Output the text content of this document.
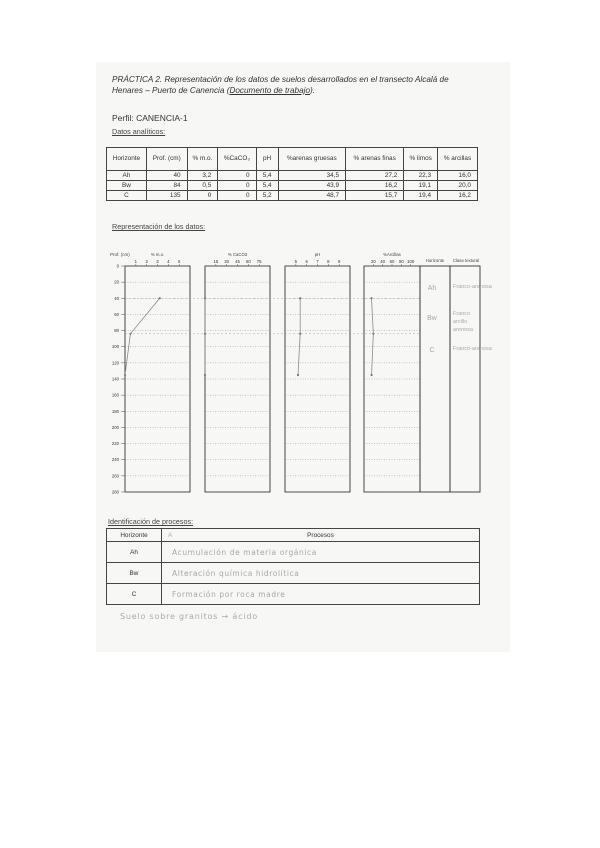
PRÁCTICA 2. Representación de los datos de suelos desarrollados en el transecto Alcalá de
Henares – Puerto de Canencia (Documento de trabajo).
Perfil: CANENCIA-1
Datos analíticos:
Horizonte	Prof. (cm)	% m.o.	%CaCO₃	pH	%arenas gruesas	% arenas finas	% limos	% arcillas
Ah	40	3,2	0	5,4	34,5	27,2	22,3	16,0
Bw	84	0,5	0	5,4	43,9	16,2	19,1	20,0
C	135	0	0	5,2	48,7	15,7	19,4	16,2
Representación de los datos:
Prof. (cm)
0
20
40
60
80
100
120
140
160
180
200
220
240
260
280
% m.o.
1 2 3 4 5
% CaCO3
15 30 45 60 75
pH
5 6 7 8 9
%Arcillas
20 40 60 80 100	Horizonte Clase textural
Ah
Bw
C
Franco-arenosa
Franco
arcillo
arenosa
Franco-arenosa
Identificación de procesos:
Horizonte	A Procesos
Ah	Acumulación de materia orgánica
Bw	Alteración química hidrolítica
C	Formación por roca madre
Suelo sobre granitos → ácido
